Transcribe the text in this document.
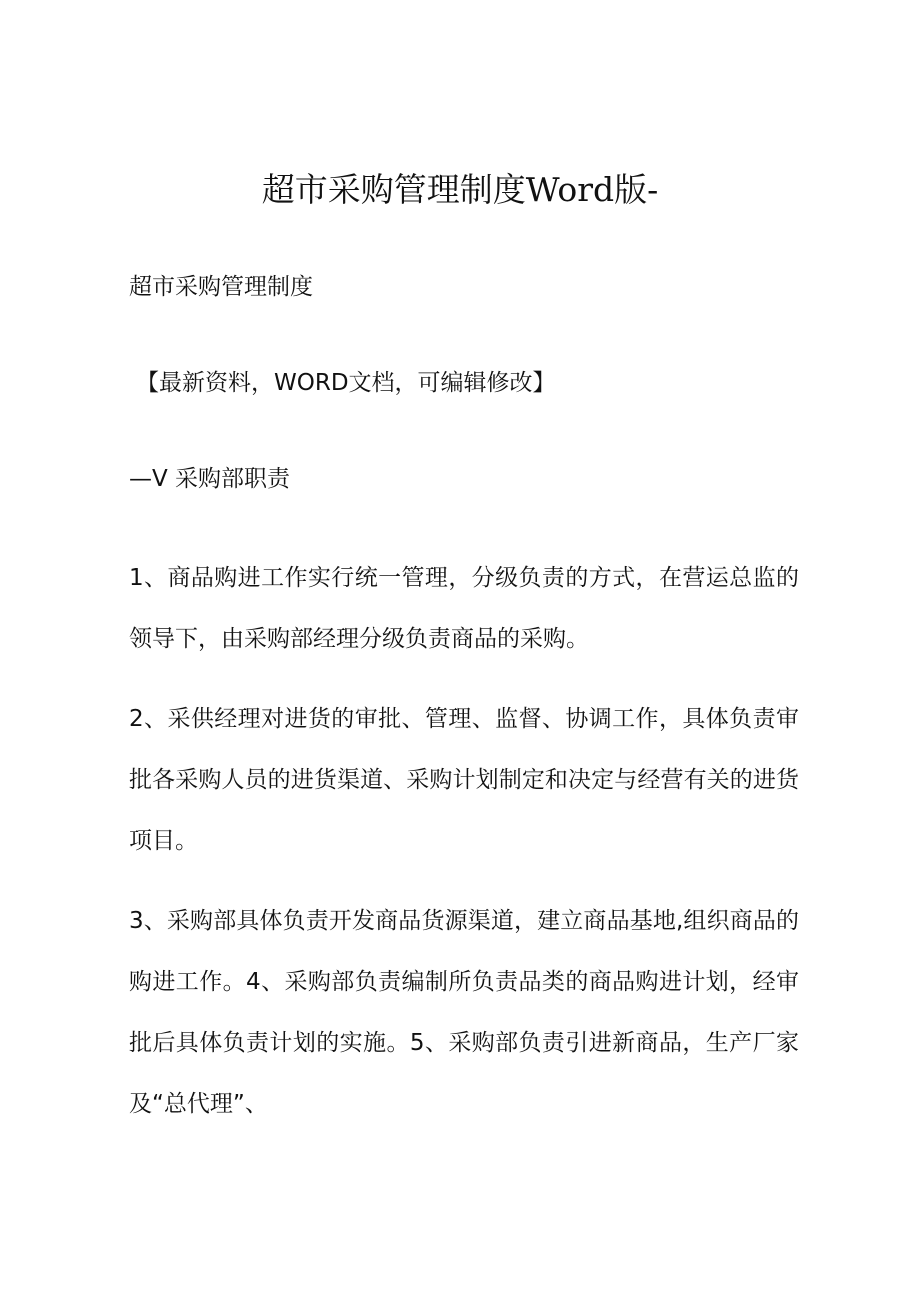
超市采购管理制度Word版-
超市采购管理制度
【最新资料，WORD文档，可编辑修改】
—V 采购部职责
1、商品购进工作实行统一管理，分级负责的方式，在营运总监的领导下，由采购部经理分级负责商品的采购。
2、采供经理对进货的审批、管理、监督、协调工作，具体负责审批各采购人员的进货渠道、采购计划制定和决定与经营有关的进货项目。
3、采购部具体负责开发商品货源渠道，建立商品基地,组织商品的购进工作。4、采购部负责编制所负责品类的商品购进计划，经审批后具体负责计划的实施。5、采购部负责引进新商品，生产厂家及“总代理”、
